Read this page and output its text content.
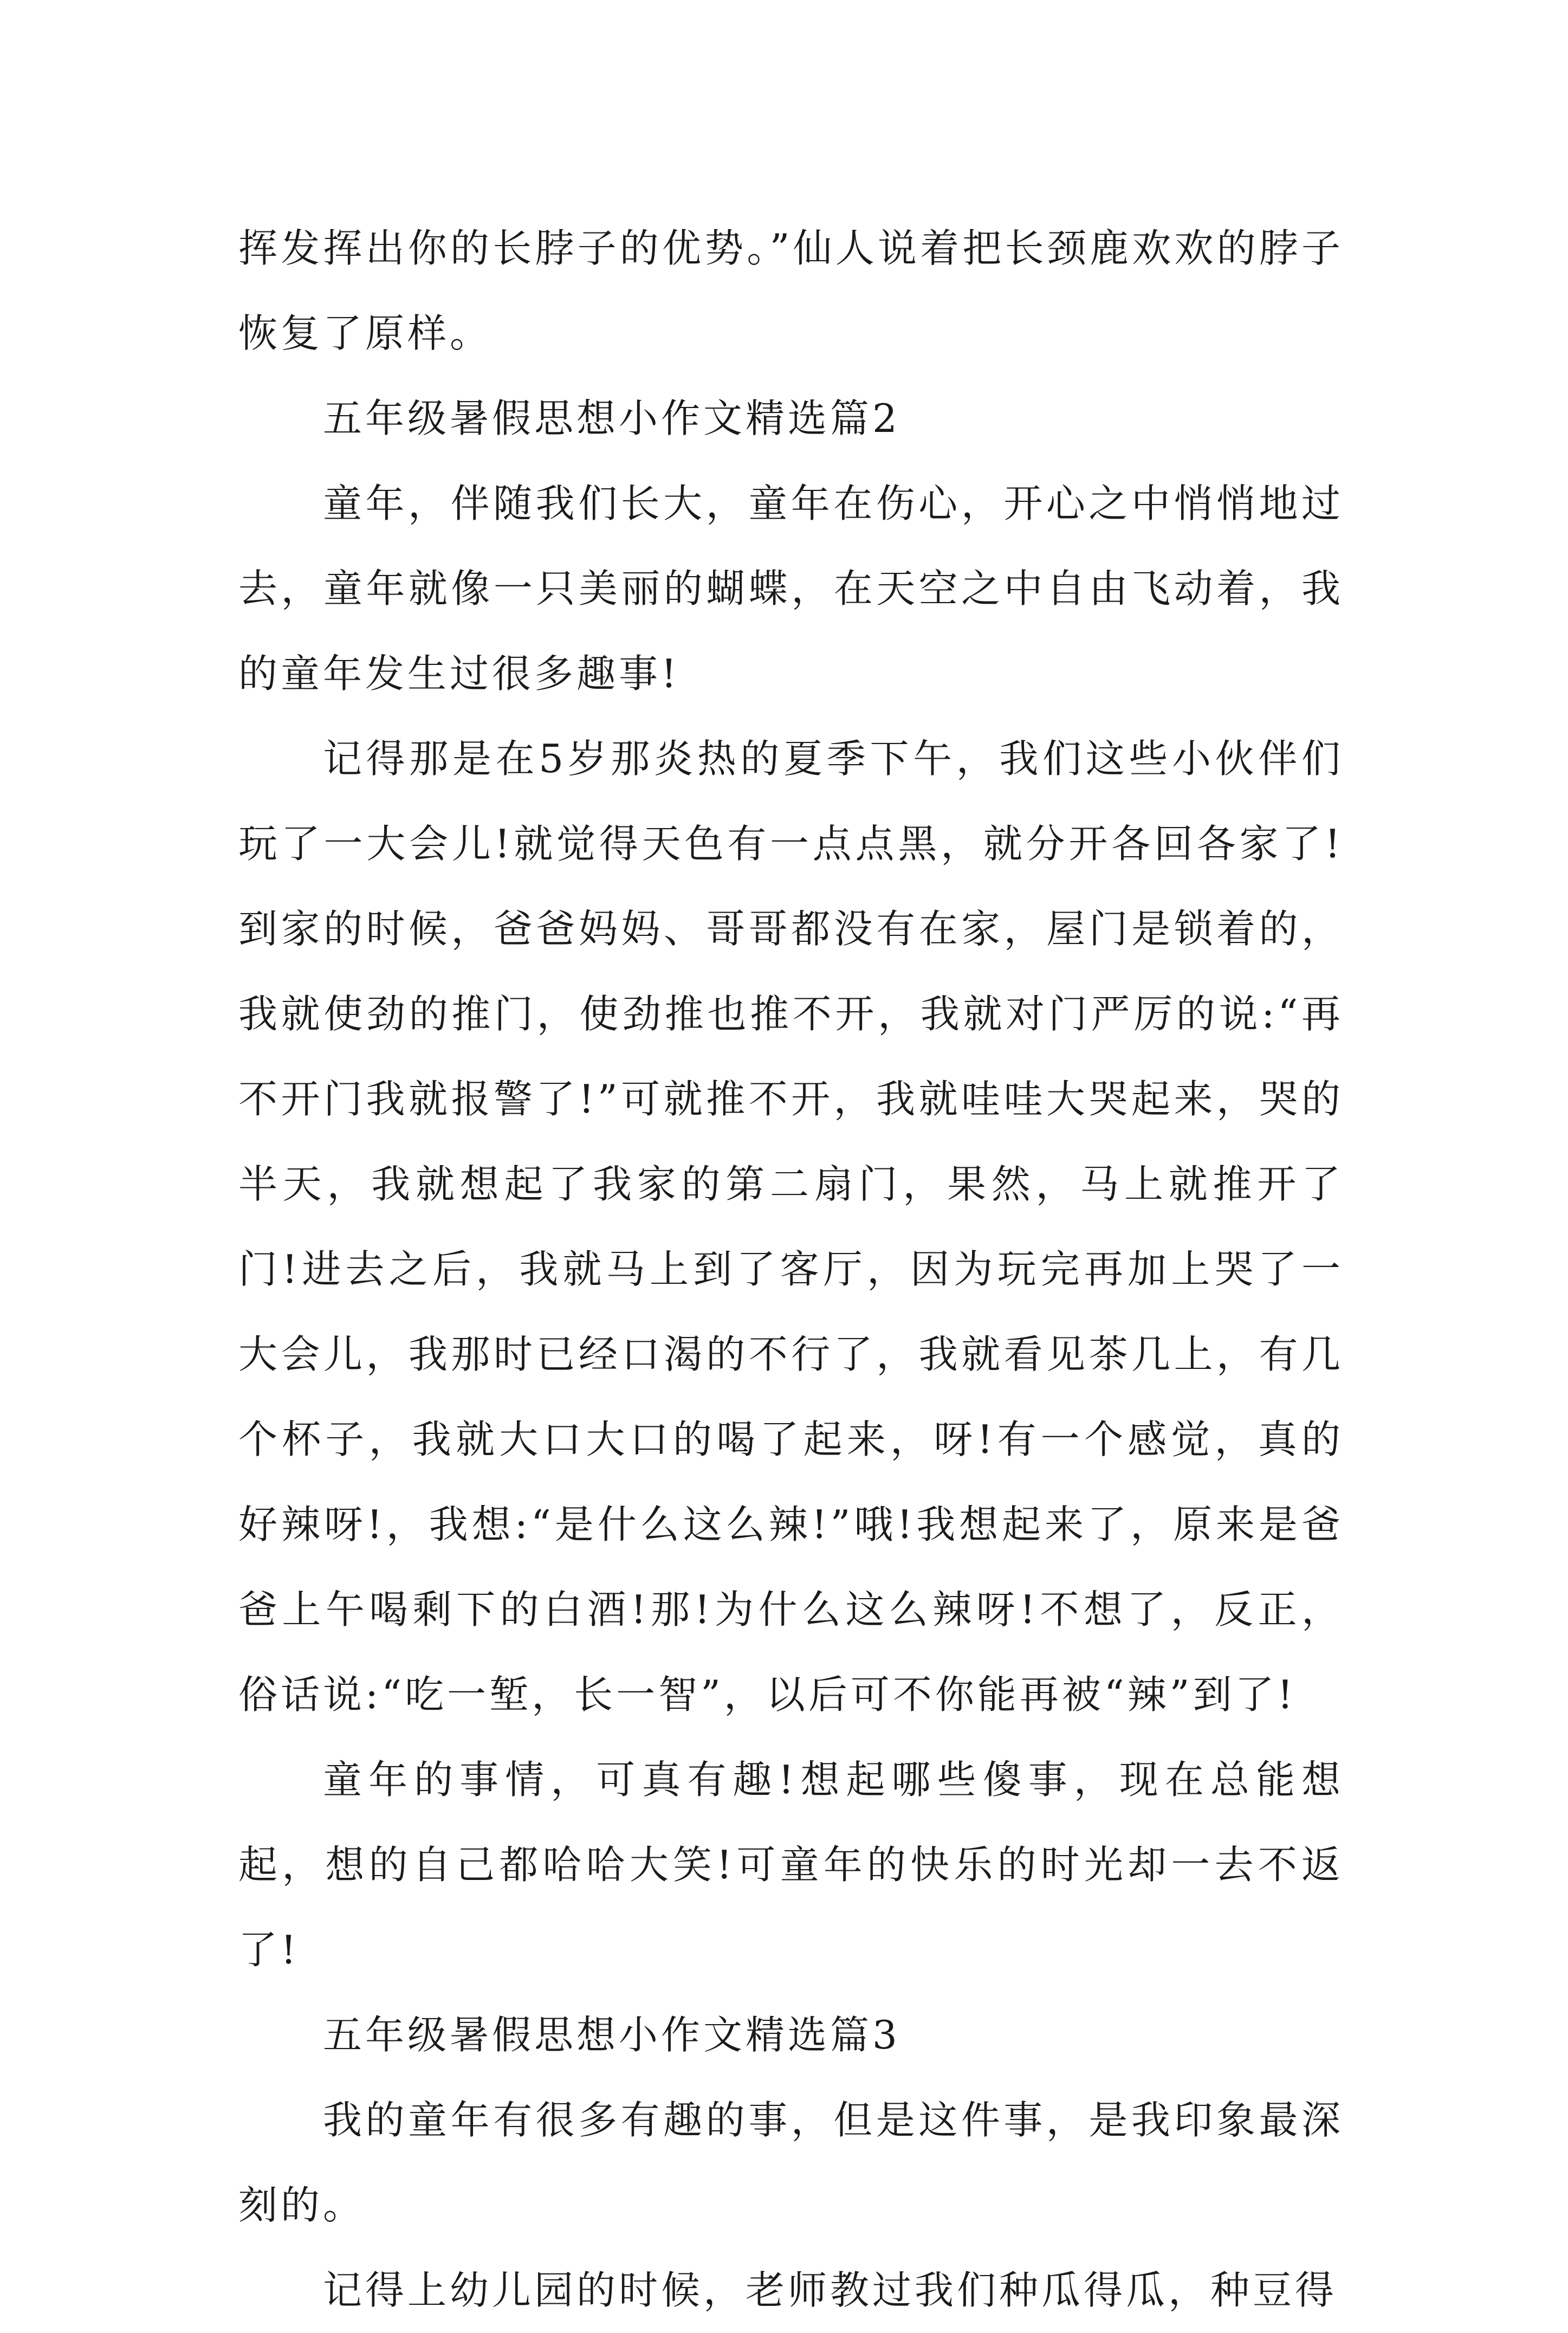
挥发挥出你的长脖子的优势。”仙人说着把长颈鹿欢欢的脖子恢复了原样。

五年级暑假思想小作文精选篇2

童年，伴随我们长大，童年在伤心，开心之中悄悄地过去，童年就像一只美丽的蝴蝶，在天空之中自由飞动着，我的童年发生过很多趣事!

记得那是在5岁那炎热的夏季下午，我们这些小伙伴们玩了一大会儿!就觉得天色有一点点黑，就分开各回各家了!到家的时候，爸爸妈妈、哥哥都没有在家，屋门是锁着的，我就使劲的推门，使劲推也推不开，我就对门严厉的说:“再不开门我就报警了!”可就推不开，我就哇哇大哭起来，哭的半天，我就想起了我家的第二扇门，果然，马上就推开了门!进去之后，我就马上到了客厅，因为玩完再加上哭了一大会儿，我那时已经口渴的不行了，我就看见茶几上，有几个杯子，我就大口大口的喝了起来，呀!有一个感觉，真的好辣呀!，我想:“是什么这么辣!”哦!我想起来了，原来是爸爸上午喝剩下的白酒!那!为什么这么辣呀!不想了，反正，俗话说:“吃一堑，长一智”，以后可不你能再被“辣”到了!

童年的事情，可真有趣!想起哪些傻事，现在总能想起，想的自己都哈哈大笑!可童年的快乐的时光却一去不返了!

五年级暑假思想小作文精选篇3

我的童年有很多有趣的事，但是这件事，是我印象最深刻的。

记得上幼儿园的时候，老师教过我们种瓜得瓜，种豆得
